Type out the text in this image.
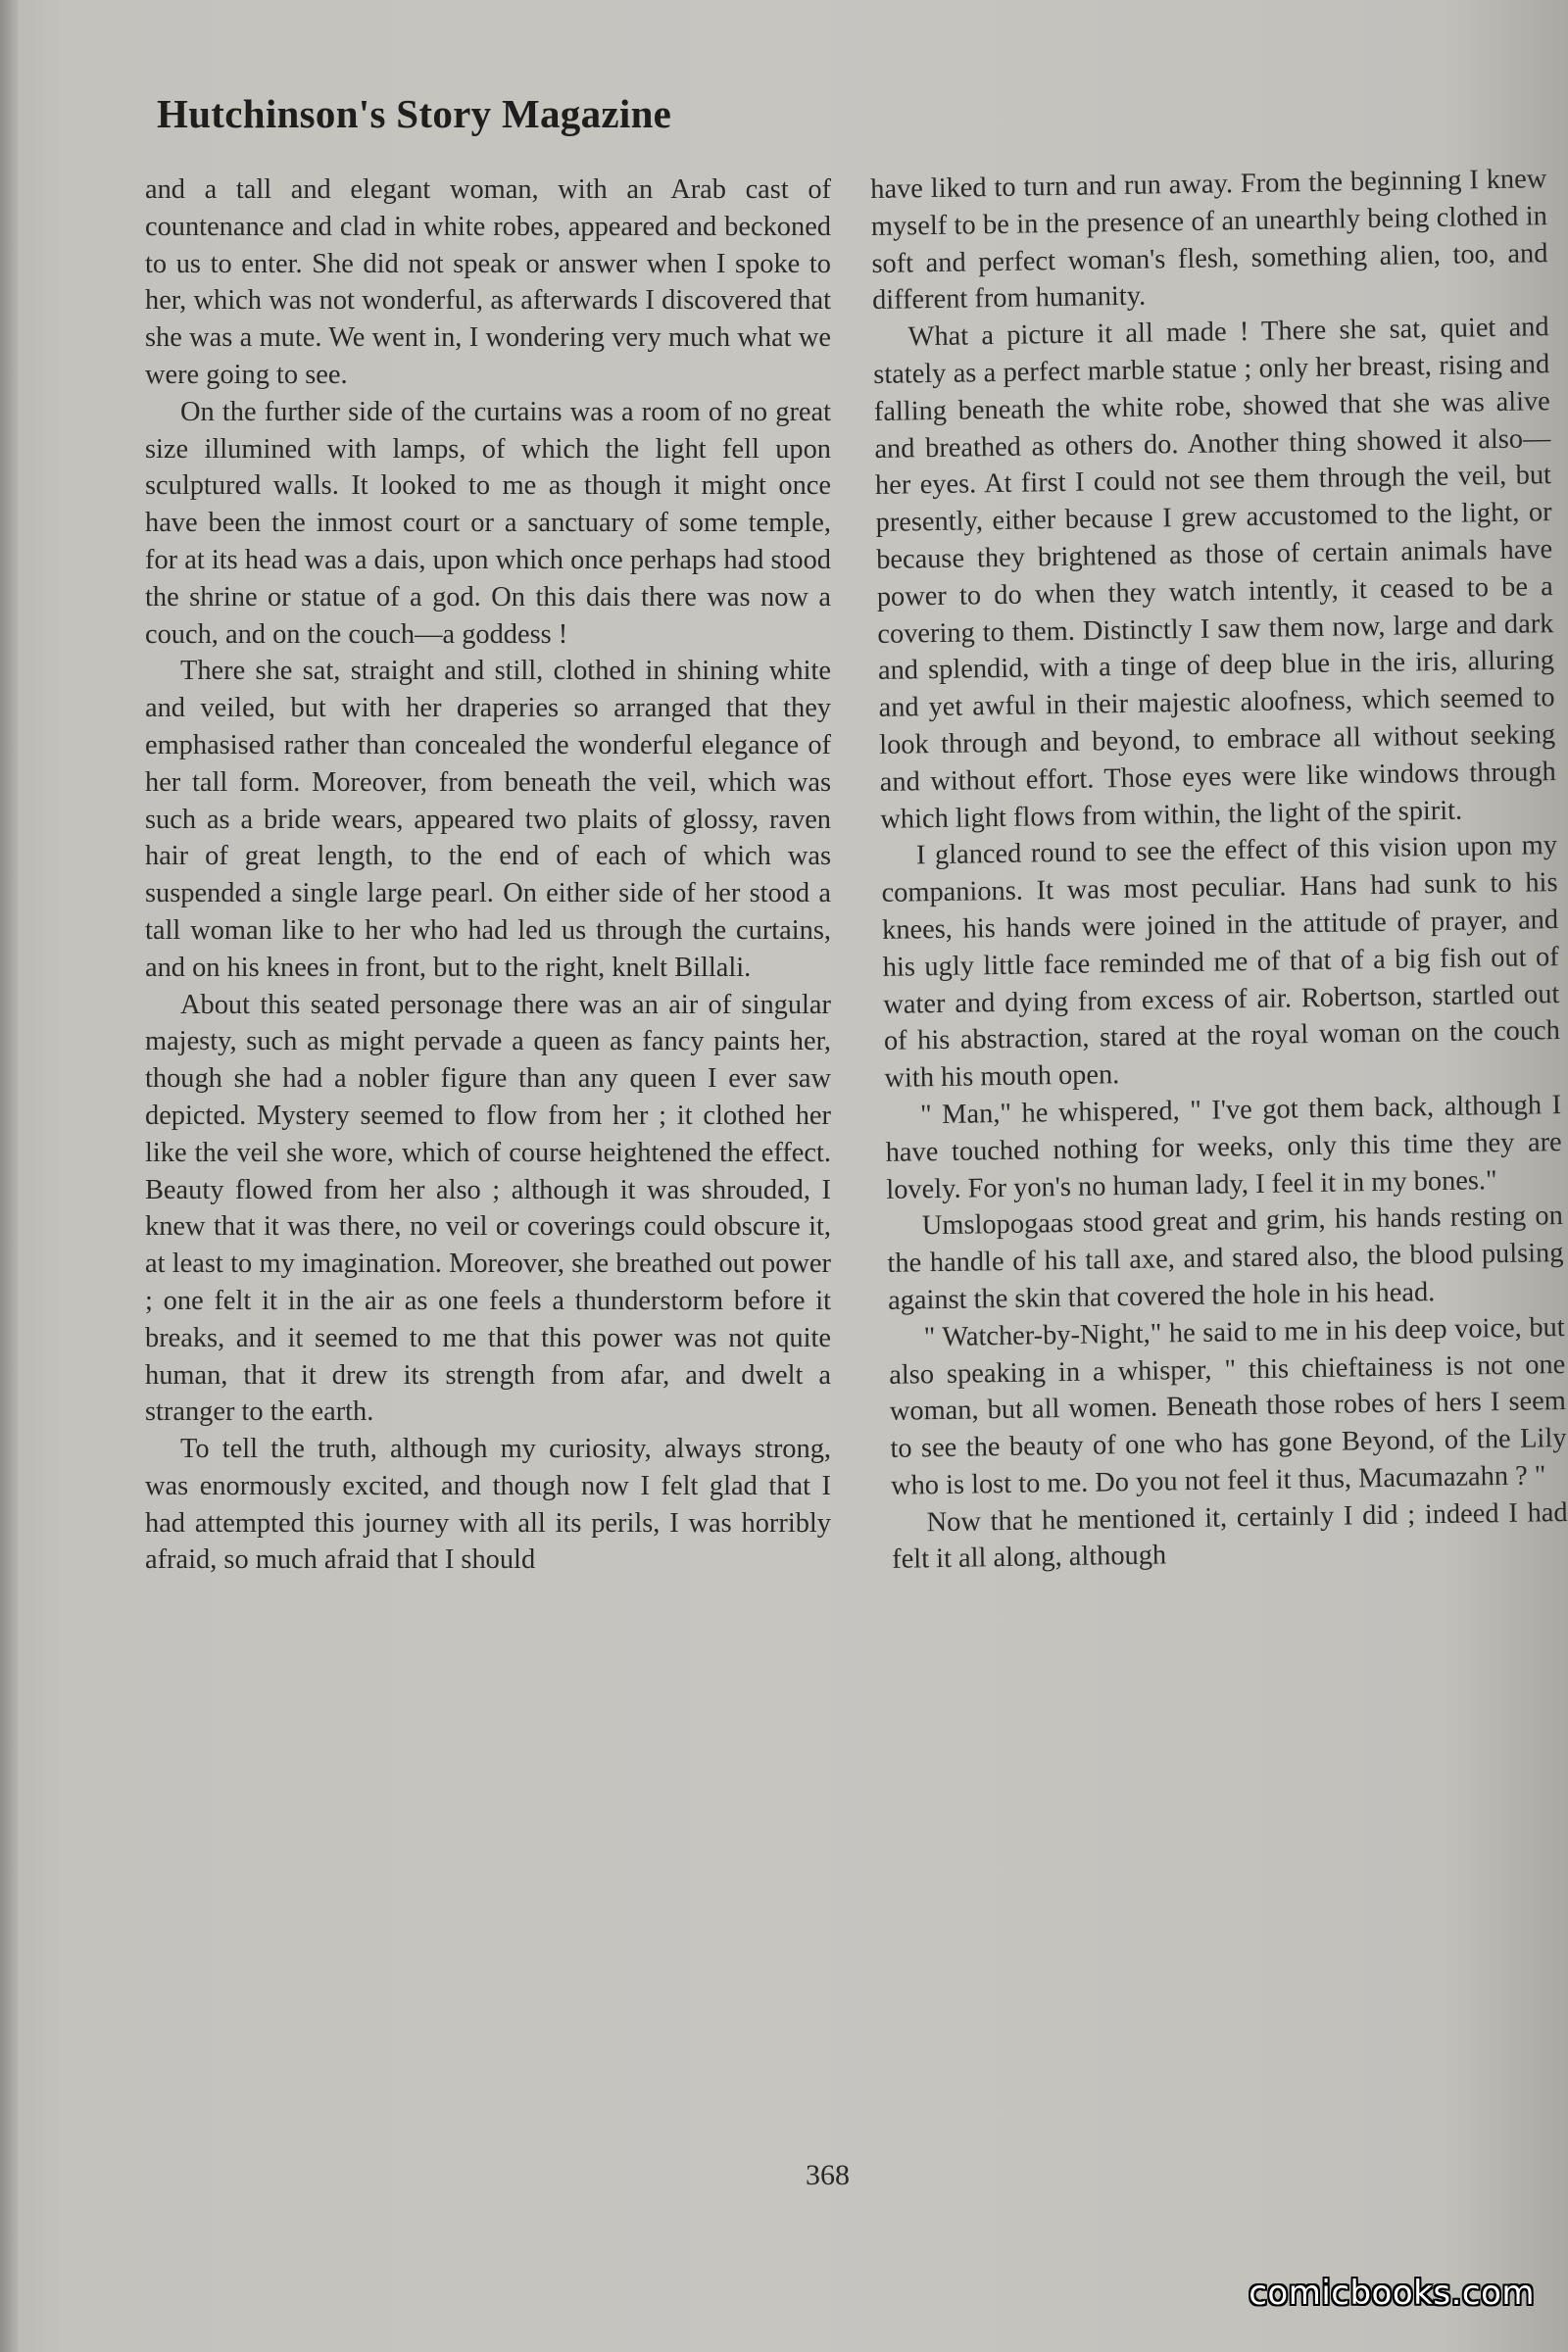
Hutchinson's Story Magazine

and a tall and elegant woman, with an Arab cast of countenance and clad in white robes, appeared and beckoned to us to enter. She did not speak or answer when I spoke to her, which was not wonderful, as afterwards I discovered that she was a mute. We went in, I wondering very much what we were going to see.

On the further side of the curtains was a room of no great size illumined with lamps, of which the light fell upon sculptured walls. It looked to me as though it might once have been the inmost court or a sanctuary of some temple, for at its head was a dais, upon which once perhaps had stood the shrine or statue of a god. On this dais there was now a couch, and on the couch—a goddess !

There she sat, straight and still, clothed in shining white and veiled, but with her draperies so arranged that they emphasised rather than concealed the wonderful elegance of her tall form. Moreover, from beneath the veil, which was such as a bride wears, appeared two plaits of glossy, raven hair of great length, to the end of each of which was suspended a single large pearl. On either side of her stood a tall woman like to her who had led us through the curtains, and on his knees in front, but to the right, knelt Billali.

About this seated personage there was an air of singular majesty, such as might pervade a queen as fancy paints her, though she had a nobler figure than any queen I ever saw depicted. Mystery seemed to flow from her ; it clothed her like the veil she wore, which of course heightened the effect. Beauty flowed from her also ; although it was shrouded, I knew that it was there, no veil or coverings could obscure it, at least to my imagination. Moreover, she breathed out power ; one felt it in the air as one feels a thunderstorm before it breaks, and it seemed to me that this power was not quite human, that it drew its strength from afar, and dwelt a stranger to the earth.

To tell the truth, although my curiosity, always strong, was enormously excited, and though now I felt glad that I had attempted this journey with all its perils, I was horribly afraid, so much afraid that I should

have liked to turn and run away. From the beginning I knew myself to be in the presence of an unearthly being clothed in soft and perfect woman's flesh, something alien, too, and different from humanity.

What a picture it all made ! There she sat, quiet and stately as a perfect marble statue ; only her breast, rising and falling beneath the white robe, showed that she was alive and breathed as others do. Another thing showed it also—her eyes. At first I could not see them through the veil, but presently, either because I grew accustomed to the light, or because they brightened as those of certain animals have power to do when they watch intently, it ceased to be a covering to them. Distinctly I saw them now, large and dark and splendid, with a tinge of deep blue in the iris, alluring and yet awful in their majestic aloofness, which seemed to look through and beyond, to embrace all without seeking and without effort. Those eyes were like windows through which light flows from within, the light of the spirit.

I glanced round to see the effect of this vision upon my companions. It was most peculiar. Hans had sunk to his knees, his hands were joined in the attitude of prayer, and his ugly little face reminded me of that of a big fish out of water and dying from excess of air. Robertson, startled out of his abstraction, stared at the royal woman on the couch with his mouth open.

" Man," he whispered, " I've got them back, although I have touched nothing for weeks, only this time they are lovely. For yon's no human lady, I feel it in my bones."

Umslopogaas stood great and grim, his hands resting on the handle of his tall axe, and stared also, the blood pulsing against the skin that covered the hole in his head.

" Watcher-by-Night," he said to me in his deep voice, but also speaking in a whisper, " this chieftainess is not one woman, but all women. Beneath those robes of hers I seem to see the beauty of one who has gone Beyond, of the Lily who is lost to me. Do you not feel it thus, Macumazahn ? "

Now that he mentioned it, certainly I did ; indeed I had felt it all along, although

368
comicbooks.com
